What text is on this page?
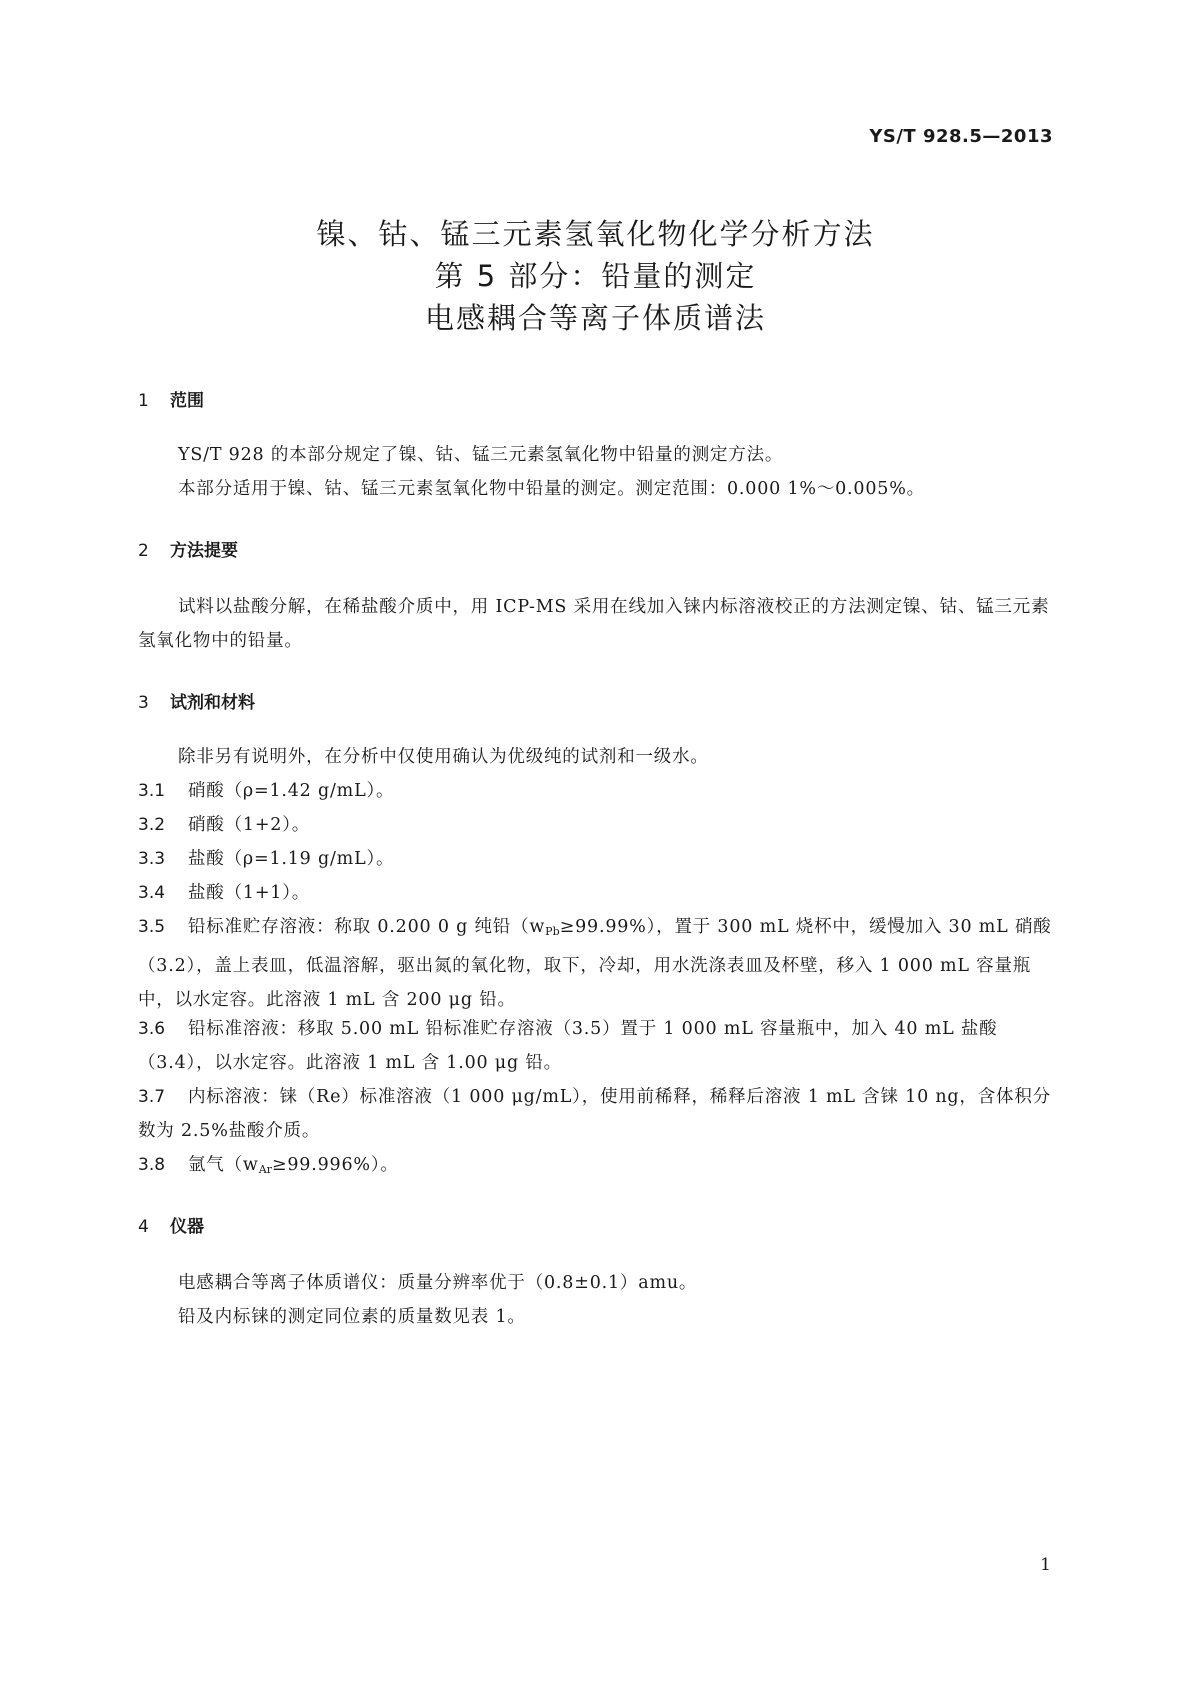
YS/T 928.5—2013
镍、钴、锰三元素氢氧化物化学分析方法
第 5 部分：铅量的测定
电感耦合等离子体质谱法
1 范围
YS/T 928 的本部分规定了镍、钴、锰三元素氢氧化物中铅量的测定方法。
本部分适用于镍、钴、锰三元素氢氧化物中铅量的测定。测定范围：0.000 1%～0.005%。
2 方法提要
试料以盐酸分解，在稀盐酸介质中，用 ICP-MS 采用在线加入铼内标溶液校正的方法测定镍、钴、锰三元素氢氧化物中的铅量。
3 试剂和材料
除非另有说明外，在分析中仅使用确认为优级纯的试剂和一级水。
3.1 硝酸（ρ=1.42 g/mL）。
3.2 硝酸（1+2）。
3.3 盐酸（ρ=1.19 g/mL）。
3.4 盐酸（1+1）。
3.5 铅标准贮存溶液：称取 0.200 0 g 纯铅$(w_{Pb}\ge 99.99\%)$，置于 300 mL 烧杯中，缓慢加入 30 mL 硝酸（3.2），盖上表皿，低温溶解，驱出氮的氧化物，取下，冷却，用水洗涤表皿及杯壁，移入 1 000 mL 容量瓶中，以水定容。此溶液 1 mL 含 200 μg 铅。
3.6 铅标准溶液：移取 5.00 mL 铅标准贮存溶液（3.5）置于 1 000 mL 容量瓶中，加入 40 mL 盐酸（3.4），以水定容。此溶液 1 mL 含 1.00 μg 铅。
3.7 内标溶液：铼（Re）标准溶液（1 000 μg/mL），使用前稀释，稀释后溶液 1 mL 含铼 10 ng，含体积分数为 2.5%盐酸介质。
3.8 氩气$(w_{Ar}\ge 99.996\%)$。
4 仪器
电感耦合等离子体质谱仪：质量分辨率优于（0.8±0.1）amu。
铅及内标铼的测定同位素的质量数见表 1。
1
